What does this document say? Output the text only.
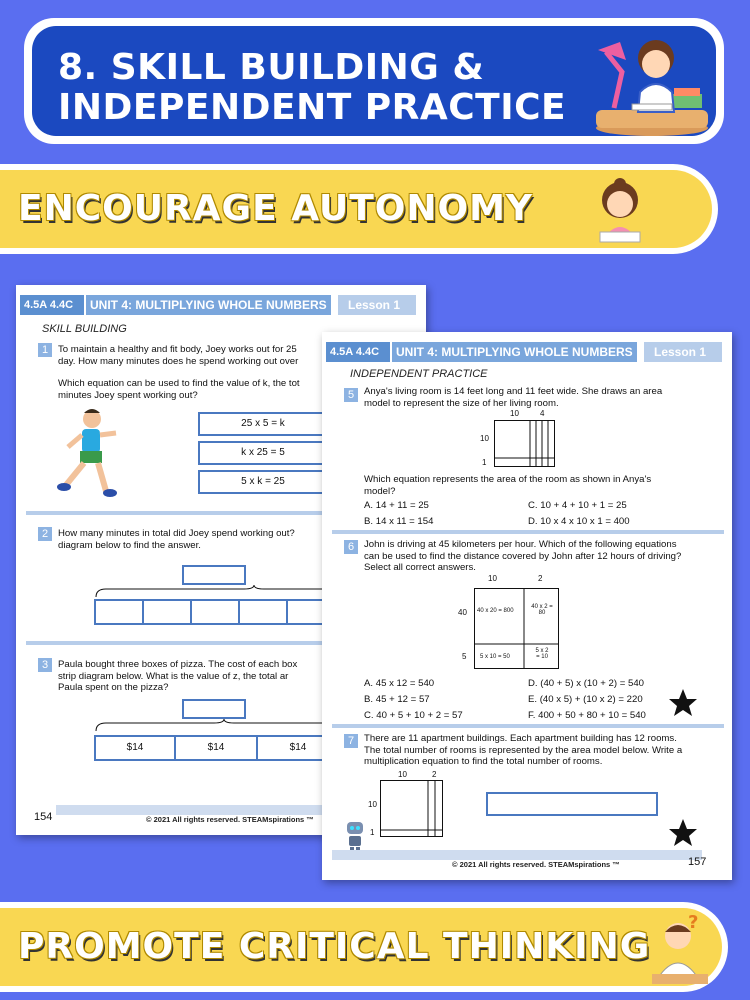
8. SKILL BUILDING &
INDEPENDENT PRACTICE
ENCOURAGE AUTONOMY
4.5A 4.4C	UNIT 4: MULTIPLYING WHOLE NUMBERS	Lesson 1
SKILL BUILDING
1	To maintain a healthy and fit body, Joey works out for 25
day. How many minutes does he spend working out over
Which equation can be used to find the value of k, the tot
minutes Joey spent working out?
25 x 5 = k
k x 25 = 5
5 x k = 25
2	How many minutes in total did Joey spend working out?
diagram below to find the answer.
3	Paula bought three boxes of pizza. The cost of each box
strip diagram below. What is the value of z, the total ar
Paula spent on the pizza?
$14	$14	$14
154	© 2021 All rights reserved. STEAMspirations ™
4.5A 4.4C	UNIT 4: MULTIPLYING WHOLE NUMBERS	Lesson 1
INDEPENDENT PRACTICE
5	Anya's living room is 14 feet long and 11 feet wide. She draws an area
model to represent the size of her living room.
10	4
10
1
Which equation represents the area of the room as shown in Anya's
model?
A. 14 + 11 = 25	C. 10 + 4 + 10 + 1 = 25
B. 14 x 11 = 154	D. 10 x 4 x 10 x 1 = 400
6	John is driving at 45 kilometers per hour. Which of the following equations
can be used to find the distance covered by John after 12 hours of driving?
Select all correct answers.
10	2
40
5
40 x 20 = 800
40 x 2 =
80
5 x 10 = 50
5 x 2
= 10
A. 45 x 12 = 540	D. (40 + 5) x (10 + 2) = 540
B. 45 + 12 = 57	E. (40 x 5) + (10 x 2) = 220
C. 40 + 5 + 10 + 2 = 57	F. 400 + 50 + 80 + 10 = 540
7	There are 11 apartment buildings. Each apartment building has 12 rooms.
The total number of rooms is represented by the area model below. Write a
multiplication equation to find the total number of rooms.
10	2
10
1
© 2021 All rights reserved. STEAMspirations ™	157
PROMOTE CRITICAL THINKING
?
